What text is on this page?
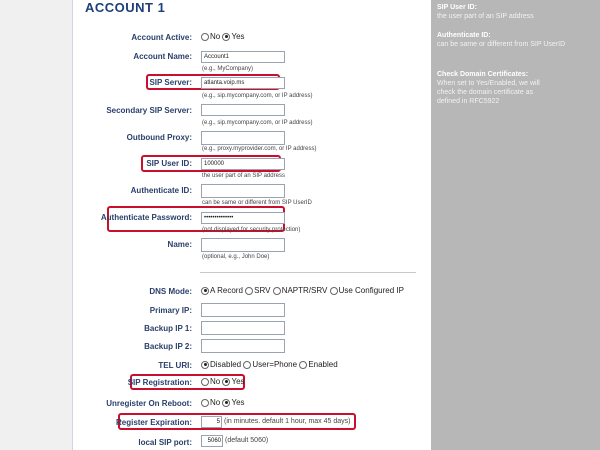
ACCOUNT 1
Account Active:	No Yes
Account Name:	Account1
(e.g., MyCompany)
SIP Server:	atlanta.voip.ms
(e.g., sip.mycompany.com, or IP address)
Secondary SIP Server:
(e.g., sip.mycompany.com, or IP address)
Outbound Proxy:
(e.g., proxy.myprovider.com, or IP address)
SIP User ID:	100000
the user part of an SIP address
Authenticate ID:
can be same or different from SIP UserID
Authenticate Password:	••••••••••••••
(not displayed for security protection)
Name:
(optional, e.g., John Doe)
DNS Mode:	A Record SRV NAPTR/SRV Use Configured IP
Primary IP:
Backup IP 1:
Backup IP 2:
TEL URI:	Disabled User=Phone Enabled
SIP Registration:	No Yes
Unregister On Reboot:	No Yes
Register Expiration:	5 (in minutes. default 1 hour, max 45 days)
local SIP port:	5060 (default 5060)
SIP User ID:
the user part of an SIP address
Authenticate ID:
can be same or different from SIP UserID
Check Domain Certificates:
When set to Yes/Enabled, we will check the domain certificate as defined in RFC5922
